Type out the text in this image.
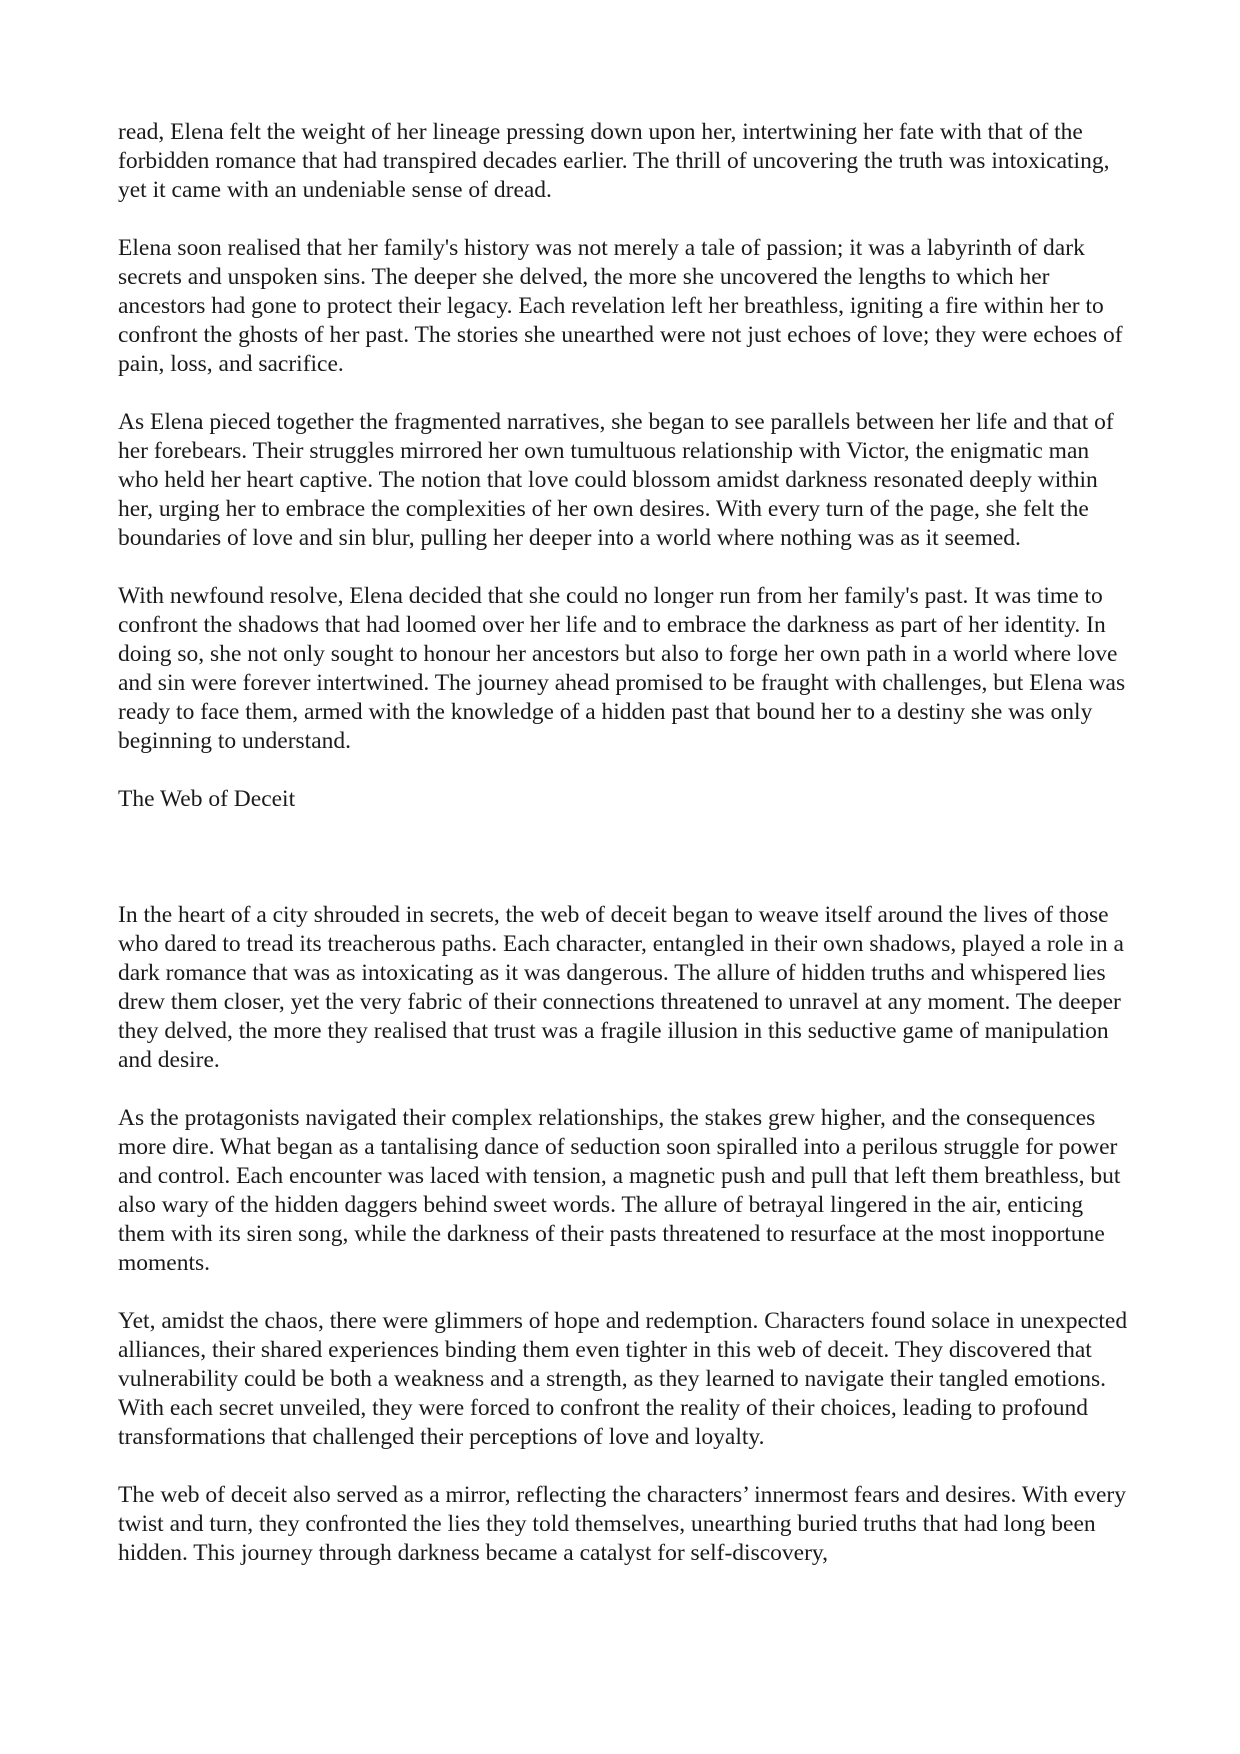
read, Elena felt the weight of her lineage pressing down upon her, intertwining her fate with that of the forbidden romance that had transpired decades earlier. The thrill of uncovering the truth was intoxicating, yet it came with an undeniable sense of dread.

Elena soon realised that her family's history was not merely a tale of passion; it was a labyrinth of dark secrets and unspoken sins. The deeper she delved, the more she uncovered the lengths to which her ancestors had gone to protect their legacy. Each revelation left her breathless, igniting a fire within her to confront the ghosts of her past. The stories she unearthed were not just echoes of love; they were echoes of pain, loss, and sacrifice.

As Elena pieced together the fragmented narratives, she began to see parallels between her life and that of her forebears. Their struggles mirrored her own tumultuous relationship with Victor, the enigmatic man who held her heart captive. The notion that love could blossom amidst darkness resonated deeply within her, urging her to embrace the complexities of her own desires. With every turn of the page, she felt the boundaries of love and sin blur, pulling her deeper into a world where nothing was as it seemed.

With newfound resolve, Elena decided that she could no longer run from her family's past. It was time to confront the shadows that had loomed over her life and to embrace the darkness as part of her identity. In doing so, she not only sought to honour her ancestors but also to forge her own path in a world where love and sin were forever intertwined. The journey ahead promised to be fraught with challenges, but Elena was ready to face them, armed with the knowledge of a hidden past that bound her to a destiny she was only beginning to understand.

The Web of Deceit

In the heart of a city shrouded in secrets, the web of deceit began to weave itself around the lives of those who dared to tread its treacherous paths. Each character, entangled in their own shadows, played a role in a dark romance that was as intoxicating as it was dangerous. The allure of hidden truths and whispered lies drew them closer, yet the very fabric of their connections threatened to unravel at any moment. The deeper they delved, the more they realised that trust was a fragile illusion in this seductive game of manipulation and desire.

As the protagonists navigated their complex relationships, the stakes grew higher, and the consequences more dire. What began as a tantalising dance of seduction soon spiralled into a perilous struggle for power and control. Each encounter was laced with tension, a magnetic push and pull that left them breathless, but also wary of the hidden daggers behind sweet words. The allure of betrayal lingered in the air, enticing them with its siren song, while the darkness of their pasts threatened to resurface at the most inopportune moments.

Yet, amidst the chaos, there were glimmers of hope and redemption. Characters found solace in unexpected alliances, their shared experiences binding them even tighter in this web of deceit. They discovered that vulnerability could be both a weakness and a strength, as they learned to navigate their tangled emotions. With each secret unveiled, they were forced to confront the reality of their choices, leading to profound transformations that challenged their perceptions of love and loyalty.

The web of deceit also served as a mirror, reflecting the characters’ innermost fears and desires. With every twist and turn, they confronted the lies they told themselves, unearthing buried truths that had long been hidden. This journey through darkness became a catalyst for self-discovery,
